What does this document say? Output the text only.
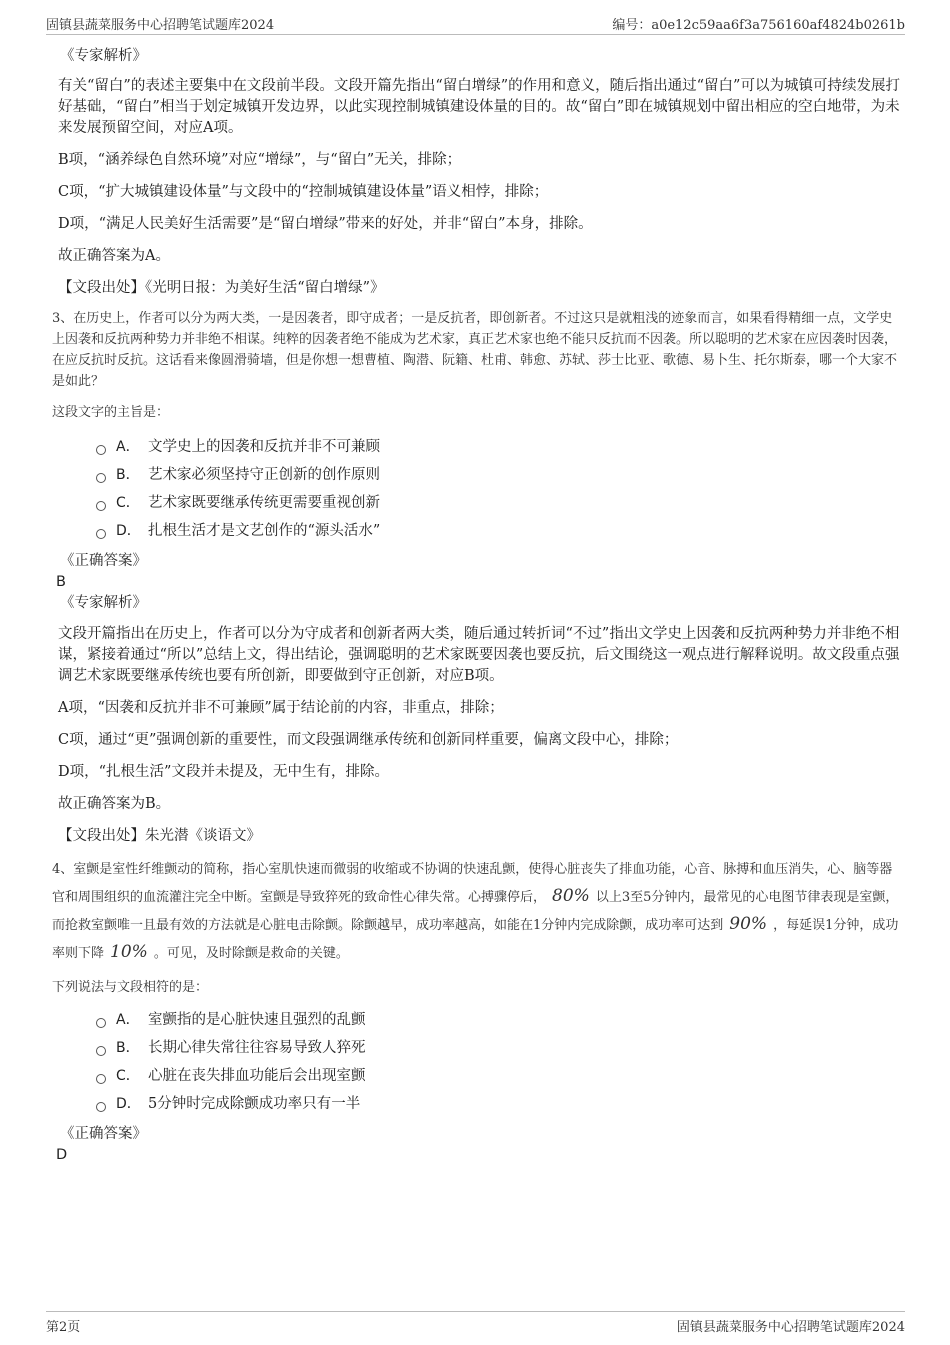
固镇县蔬菜服务中心招聘笔试题库2024	编号：a0e12c59aa6f3a756160af4824b0261b
《专家解析》

有关“留白”的表述主要集中在文段前半段。文段开篇先指出“留白增绿”的作用和意义，随后指出通过“留白”可以为城镇可持续发展打好基础，“留白”相当于划定城镇开发边界，以此实现控制城镇建设体量的目的。故“留白”即在城镇规划中留出相应的空白地带，为未来发展预留空间，对应A项。

B项，“涵养绿色自然环境”对应“增绿”，与“留白”无关，排除；

C项，“扩大城镇建设体量”与文段中的“控制城镇建设体量”语义相悖，排除；

D项，“满足人民美好生活需要”是“留白增绿”带来的好处，并非“留白”本身，排除。

故正确答案为A。

【文段出处】《光明日报：为美好生活“留白增绿”》

3、在历史上，作者可以分为两大类，一是因袭者，即守成者；一是反抗者，即创新者。不过这只是就粗浅的迹象而言，如果看得精细一点，文学史上因袭和反抗两种势力并非绝不相谋。纯粹的因袭者绝不能成为艺术家，真正艺术家也绝不能只反抗而不因袭。所以聪明的艺术家在应因袭时因袭，在应反抗时反抗。这话看来像圆滑骑墙，但是你想一想曹植、陶潜、阮籍、杜甫、韩愈、苏轼、莎士比亚、歌德、易卜生、托尔斯泰，哪一个大家不是如此？

这段文字的主旨是：

A． 文学史上的因袭和反抗并非不可兼顾
B． 艺术家必须坚持守正创新的创作原则
C． 艺术家既要继承传统更需要重视创新
D． 扎根生活才是文艺创作的“源头活水”
《正确答案》
B
《专家解析》

文段开篇指出在历史上，作者可以分为守成者和创新者两大类，随后通过转折词“不过”指出文学史上因袭和反抗两种势力并非绝不相谋，紧接着通过“所以”总结上文，得出结论，强调聪明的艺术家既要因袭也要反抗，后文围绕这一观点进行解释说明。故文段重点强调艺术家既要继承传统也要有所创新，即要做到守正创新，对应B项。

A项，“因袭和反抗并非不可兼顾”属于结论前的内容，非重点，排除；

C项，通过“更”强调创新的重要性，而文段强调继承传统和创新同样重要，偏离文段中心，排除；

D项，“扎根生活”文段并未提及，无中生有，排除。

故正确答案为B。

【文段出处】朱光潜《谈语文》

4、室颤是室性纤维颤动的简称，指心室肌快速而微弱的收缩或不协调的快速乱颤，使得心脏丧失了排血功能，心音、脉搏和血压消失，心、脑等器官和周围组织的血流灌注完全中断。室颤是导致猝死的致命性心律失常。心搏骤停后， 80% 以上3至5分钟内，最常见的心电图节律表现是室颤，而抢救室颤唯一且最有效的方法就是心脏电击除颤。除颤越早，成功率越高，如能在1分钟内完成除颤，成功率可达到 90% ，每延误1分钟，成功率则下降 10% 。可见，及时除颤是救命的关键。

下列说法与文段相符的是：

A． 室颤指的是心脏快速且强烈的乱颤
B． 长期心律失常往往容易导致人猝死
C． 心脏在丧失排血功能后会出现室颤
D． 5分钟时完成除颤成功率只有一半
《正确答案》
D
第2页	固镇县蔬菜服务中心招聘笔试题库2024
